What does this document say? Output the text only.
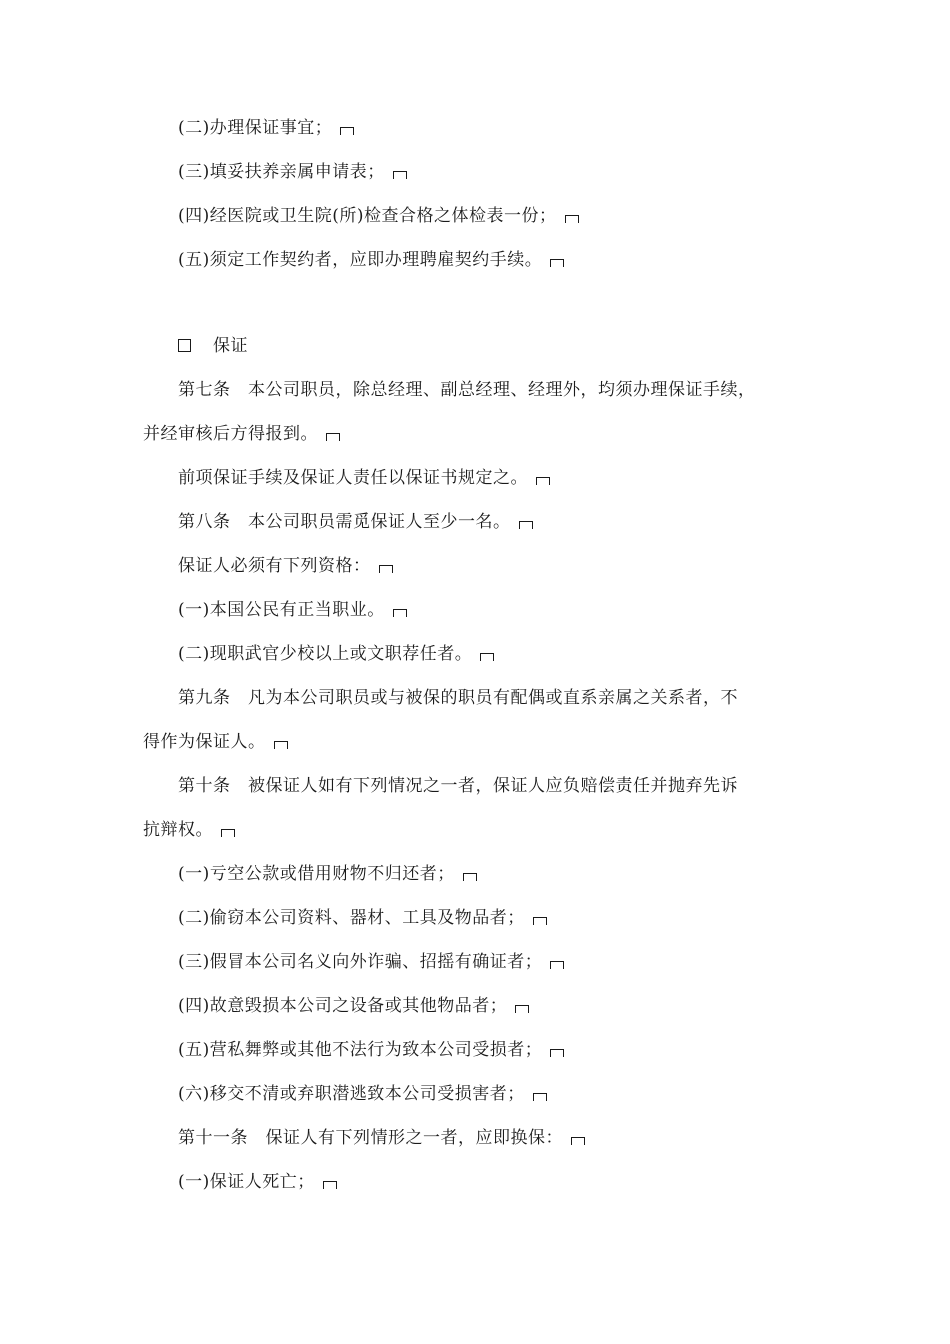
(二)办理保证事宜；
(三)填妥扶养亲属申请表；
(四)经医院或卫生院(所)检查合格之体检表一份；
(五)须定工作契约者，应即办理聘雇契约手续。
保证
第七条　本公司职员，除总经理、副总经理、经理外，均须办理保证手续，
并经审核后方得报到。
前项保证手续及保证人责任以保证书规定之。
第八条　本公司职员需觅保证人至少一名。
保证人必须有下列资格：
(一)本国公民有正当职业。
(二)现职武官少校以上或文职荐任者。
第九条　凡为本公司职员或与被保的职员有配偶或直系亲属之关系者，不
得作为保证人。
第十条　被保证人如有下列情况之一者，保证人应负赔偿责任并抛弃先诉
抗辩权。
(一)亏空公款或借用财物不归还者；
(二)偷窃本公司资料、器材、工具及物品者；
(三)假冒本公司名义向外诈骗、招摇有确证者；
(四)故意毁损本公司之设备或其他物品者；
(五)营私舞弊或其他不法行为致本公司受损者；
(六)移交不清或弃职潜逃致本公司受损害者；
第十一条　保证人有下列情形之一者，应即换保：
(一)保证人死亡；
